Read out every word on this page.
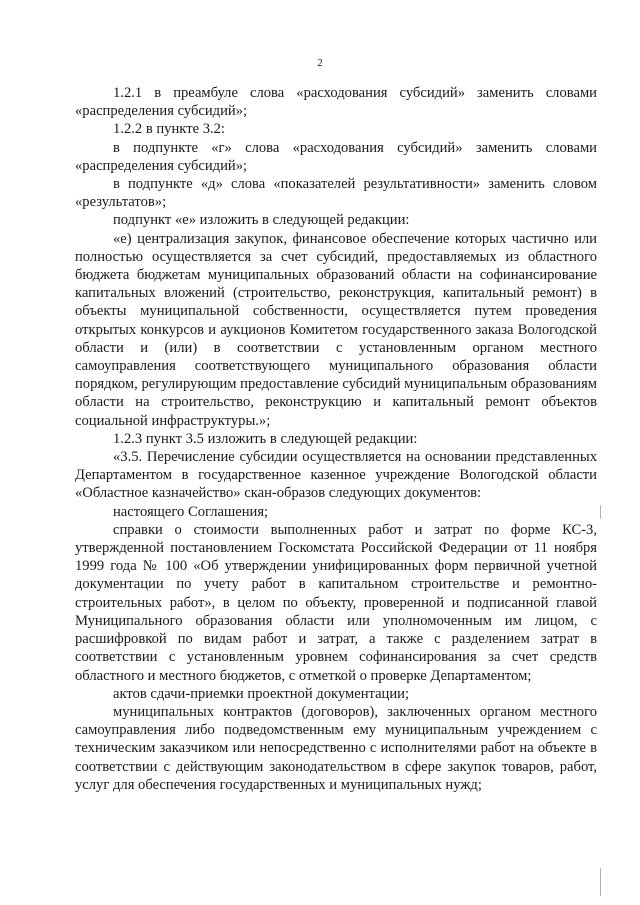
2

1.2.1 в преамбуле слова «расходования субсидий» заменить словами «распределения субсидий»;

1.2.2 в пункте 3.2:

в подпункте «г» слова «расходования субсидий» заменить словами «распределения субсидий»;

в подпункте «д» слова «показателей результативности» заменить словом «результатов»;

подпункт «е» изложить в следующей редакции:

«е) централизация закупок, финансовое обеспечение которых частично или полностью осуществляется за счет субсидий, предоставляемых из областного бюджета бюджетам муниципальных образований области на софинансирование капитальных вложений (строительство, реконструкция, капитальный ремонт) в объекты муниципальной собственности, осуществляется путем проведения открытых конкурсов и аукционов Комитетом государственного заказа Вологодской области и (или) в соответствии с установленным органом местного самоуправления соответствующего муниципального образования области порядком, регулирующим предоставление субсидий муниципальным образованиям области на строительство, реконструкцию и капитальный ремонт объектов социальной инфраструктуры.»;

1.2.3 пункт 3.5 изложить в следующей редакции:

«3.5. Перечисление субсидии осуществляется на основании представленных Департаментом в государственное казенное учреждение Вологодской области «Областное казначейство» скан-образов следующих документов:

настоящего Соглашения;

справки о стоимости выполненных работ и затрат по форме КС-3, утвержденной постановлением Госкомстата Российской Федерации от 11 ноября 1999 года № 100 «Об утверждении унифицированных форм первичной учетной документации по учету работ в капитальном строительстве и ремонтно-строительных работ», в целом по объекту, проверенной и подписанной главой Муниципального образования области или уполномоченным им лицом, с расшифровкой по видам работ и затрат, а также с разделением затрат в соответствии с установленным уровнем софинансирования за счет средств областного и местного бюджетов, с отметкой о проверке Департаментом;

актов сдачи-приемки проектной документации;

муниципальных контрактов (договоров), заключенных органом местного самоуправления либо подведомственным ему муниципальным учреждением с техническим заказчиком или непосредственно с исполнителями работ на объекте в соответствии с действующим законодательством в сфере закупок товаров, работ, услуг для обеспечения государственных и муниципальных нужд;
